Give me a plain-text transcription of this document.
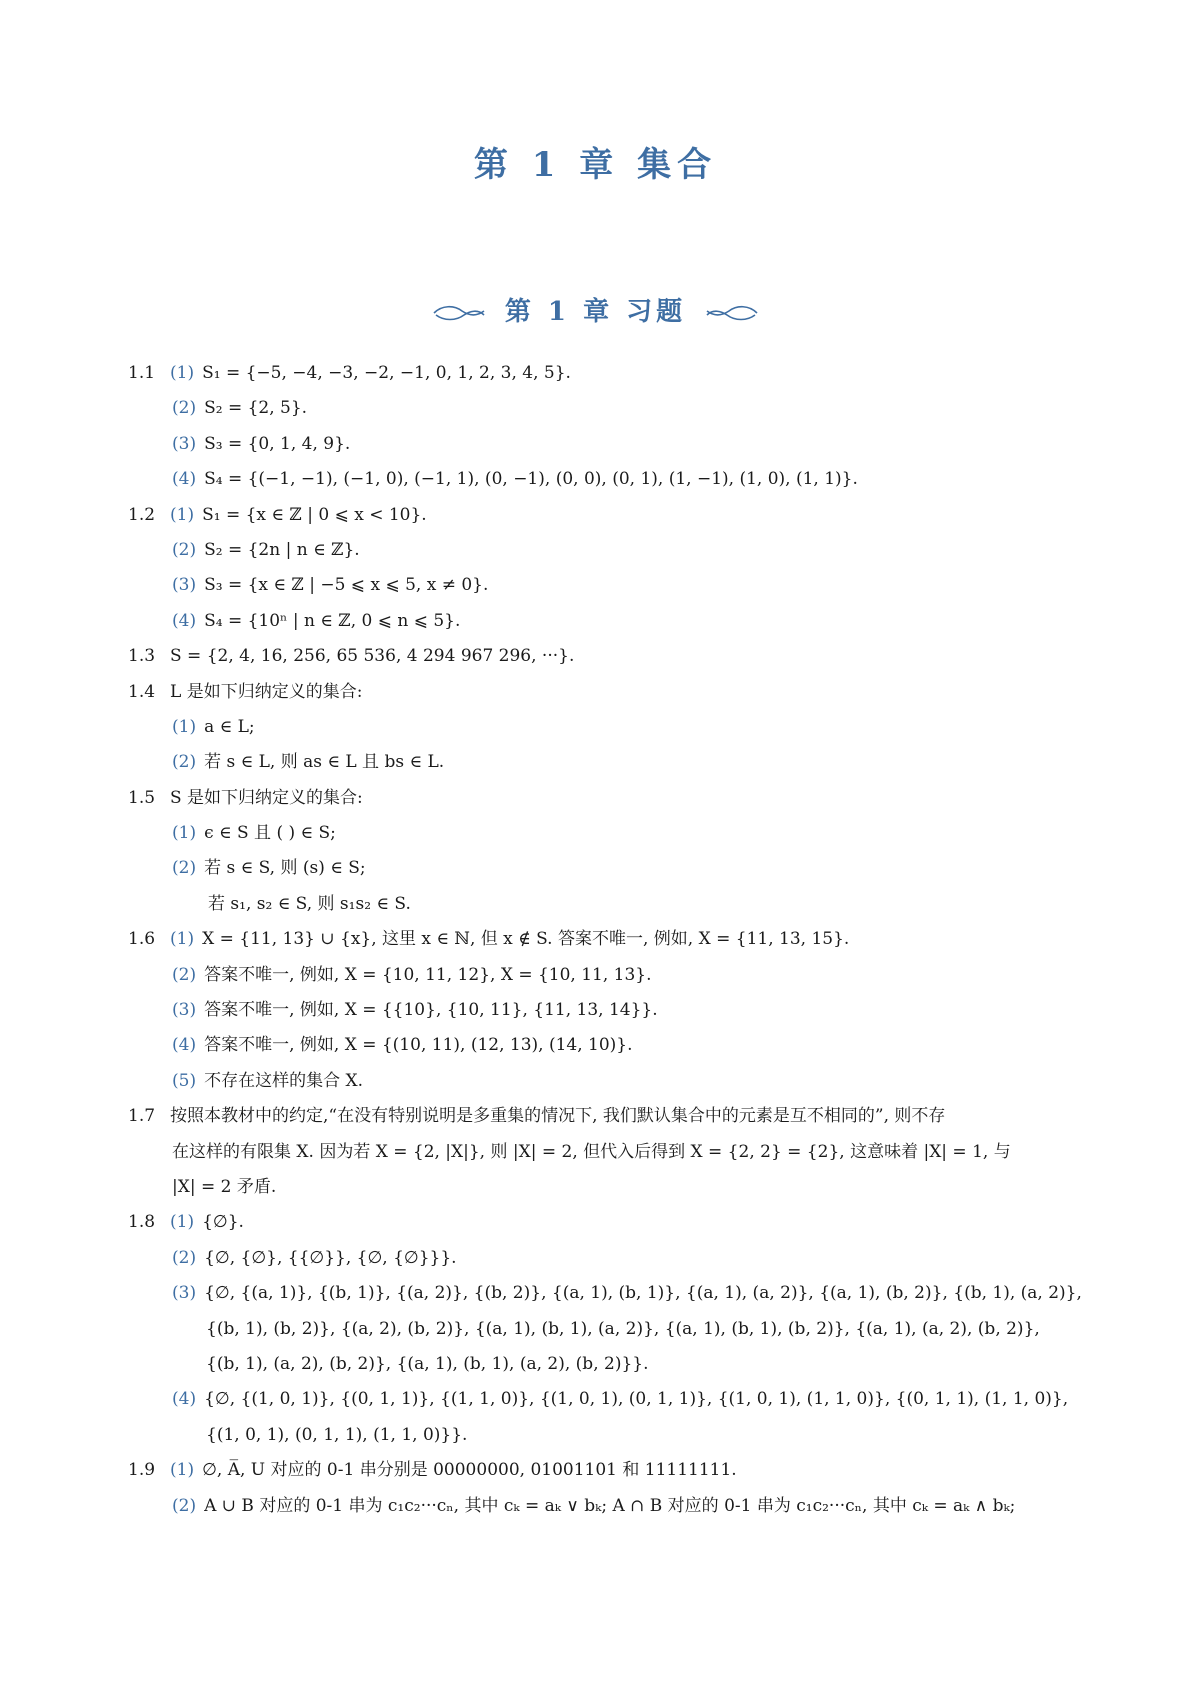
第 1 章 集合
第 1 章 习题
1.1 (1) S₁ = {−5, −4, −3, −2, −1, 0, 1, 2, 3, 4, 5}.
(2) S₂ = {2, 5}.
(3) S₃ = {0, 1, 4, 9}.
(4) S₄ = {(−1, −1), (−1, 0), (−1, 1), (0, −1), (0, 0), (0, 1), (1, −1), (1, 0), (1, 1)}.
1.2 (1) S₁ = {x ∈ ℤ | 0 ⩽ x < 10}.
(2) S₂ = {2n | n ∈ ℤ}.
(3) S₃ = {x ∈ ℤ | −5 ⩽ x ⩽ 5, x ≠ 0}.
(4) S₄ = {10ⁿ | n ∈ ℤ, 0 ⩽ n ⩽ 5}.
1.3 S = {2, 4, 16, 256, 65 536, 4 294 967 296, ···}.
1.4 L 是如下归纳定义的集合:
(1) a ∈ L;
(2) 若 s ∈ L, 则 as ∈ L 且 bs ∈ L.
1.5 S 是如下归纳定义的集合:
(1) ϵ ∈ S 且 ( ) ∈ S;
(2) 若 s ∈ S, 则 (s) ∈ S;
若 s₁, s₂ ∈ S, 则 s₁s₂ ∈ S.
1.6 (1) X = {11, 13} ∪ {x}, 这里 x ∈ ℕ, 但 x ∉ S. 答案不唯一, 例如, X = {11, 13, 15}.
(2) 答案不唯一, 例如, X = {10, 11, 12}, X = {10, 11, 13}.
(3) 答案不唯一, 例如, X = {{10}, {10, 11}, {11, 13, 14}}.
(4) 答案不唯一, 例如, X = {(10, 11), (12, 13), (14, 10)}.
(5) 不存在这样的集合 X.
1.7 按照本教材中的约定,“在没有特别说明是多重集的情况下, 我们默认集合中的元素是互不相同的”, 则不存
在这样的有限集 X. 因为若 X = {2, |X|}, 则 |X| = 2, 但代入后得到 X = {2, 2} = {2}, 这意味着 |X| = 1, 与
|X| = 2 矛盾.
1.8 (1) {∅}.
(2) {∅, {∅}, {{∅}}, {∅, {∅}}}.
(3) {∅, {(a, 1)}, {(b, 1)}, {(a, 2)}, {(b, 2)}, {(a, 1), (b, 1)}, {(a, 1), (a, 2)}, {(a, 1), (b, 2)}, {(b, 1), (a, 2)},
{(b, 1), (b, 2)}, {(a, 2), (b, 2)}, {(a, 1), (b, 1), (a, 2)}, {(a, 1), (b, 1), (b, 2)}, {(a, 1), (a, 2), (b, 2)},
{(b, 1), (a, 2), (b, 2)}, {(a, 1), (b, 1), (a, 2), (b, 2)}}.
(4) {∅, {(1, 0, 1)}, {(0, 1, 1)}, {(1, 1, 0)}, {(1, 0, 1), (0, 1, 1)}, {(1, 0, 1), (1, 1, 0)}, {(0, 1, 1), (1, 1, 0)},
{(1, 0, 1), (0, 1, 1), (1, 1, 0)}}.
1.9 (1) ∅, A̅, U 对应的 0-1 串分别是 00000000, 01001101 和 11111111.
(2) A ∪ B 对应的 0-1 串为 c₁c₂···cₙ, 其中 cₖ = aₖ ∨ bₖ; A ∩ B 对应的 0-1 串为 c₁c₂···cₙ, 其中 cₖ = aₖ ∧ bₖ;
